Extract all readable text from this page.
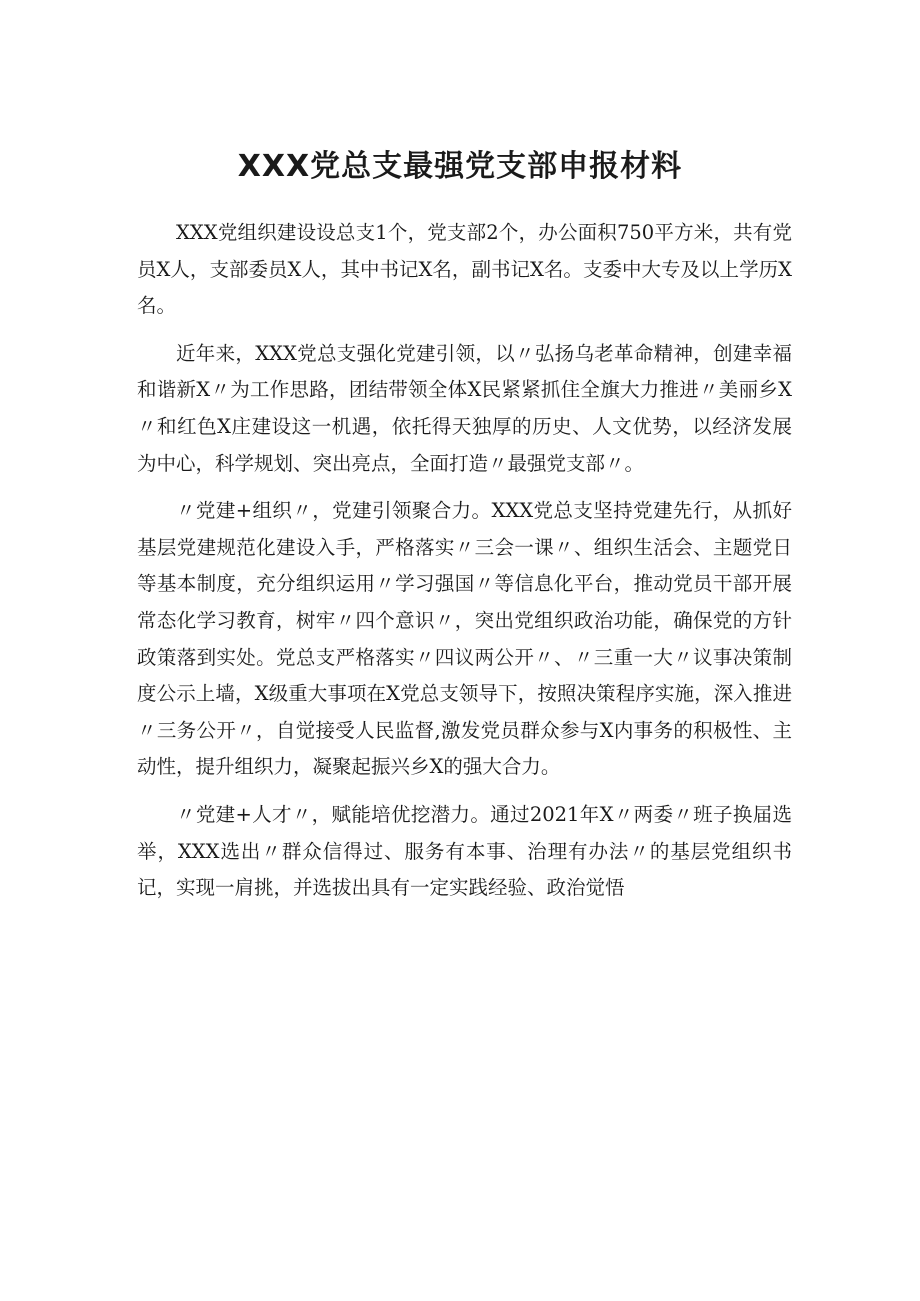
XXX党总支最强党支部申报材料

XXX党组织建设设总支1个，党支部2个，办公面积750平方米，共有党员X人，支部委员X人，其中书记X名，副书记X名。支委中大专及以上学历X名。

近年来，XXX党总支强化党建引领，以〃弘扬乌老革命精神，创建幸福和谐新X〃为工作思路，团结带领全体X民紧紧抓住全旗大力推进〃美丽乡X〃和红色X庄建设这一机遇，依托得天独厚的历史、人文优势，以经济发展为中心，科学规划、突出亮点，全面打造〃最强党支部〃。

〃党建+组织〃，党建引领聚合力。XXX党总支坚持党建先行，从抓好基层党建规范化建设入手，严格落实〃三会一课〃、组织生活会、主题党日等基本制度，充分组织运用〃学习强国〃等信息化平台，推动党员干部开展常态化学习教育，树牢〃四个意识〃，突出党组织政治功能，确保党的方针政策落到实处。党总支严格落实〃四议两公开〃、〃三重一大〃议事决策制度公示上墙，X级重大事项在X党总支领导下，按照决策程序实施，深入推进〃三务公开〃，自觉接受人民监督,激发党员群众参与X内事务的积极性、主动性，提升组织力，凝聚起振兴乡X的强大合力。

〃党建+人才〃，赋能培优挖潜力。通过2021年X〃两委〃班子换届选举，XXX选出〃群众信得过、服务有本事、治理有办法〃的基层党组织书记，实现一肩挑，并选拔出具有一定实践经验、政治觉悟
